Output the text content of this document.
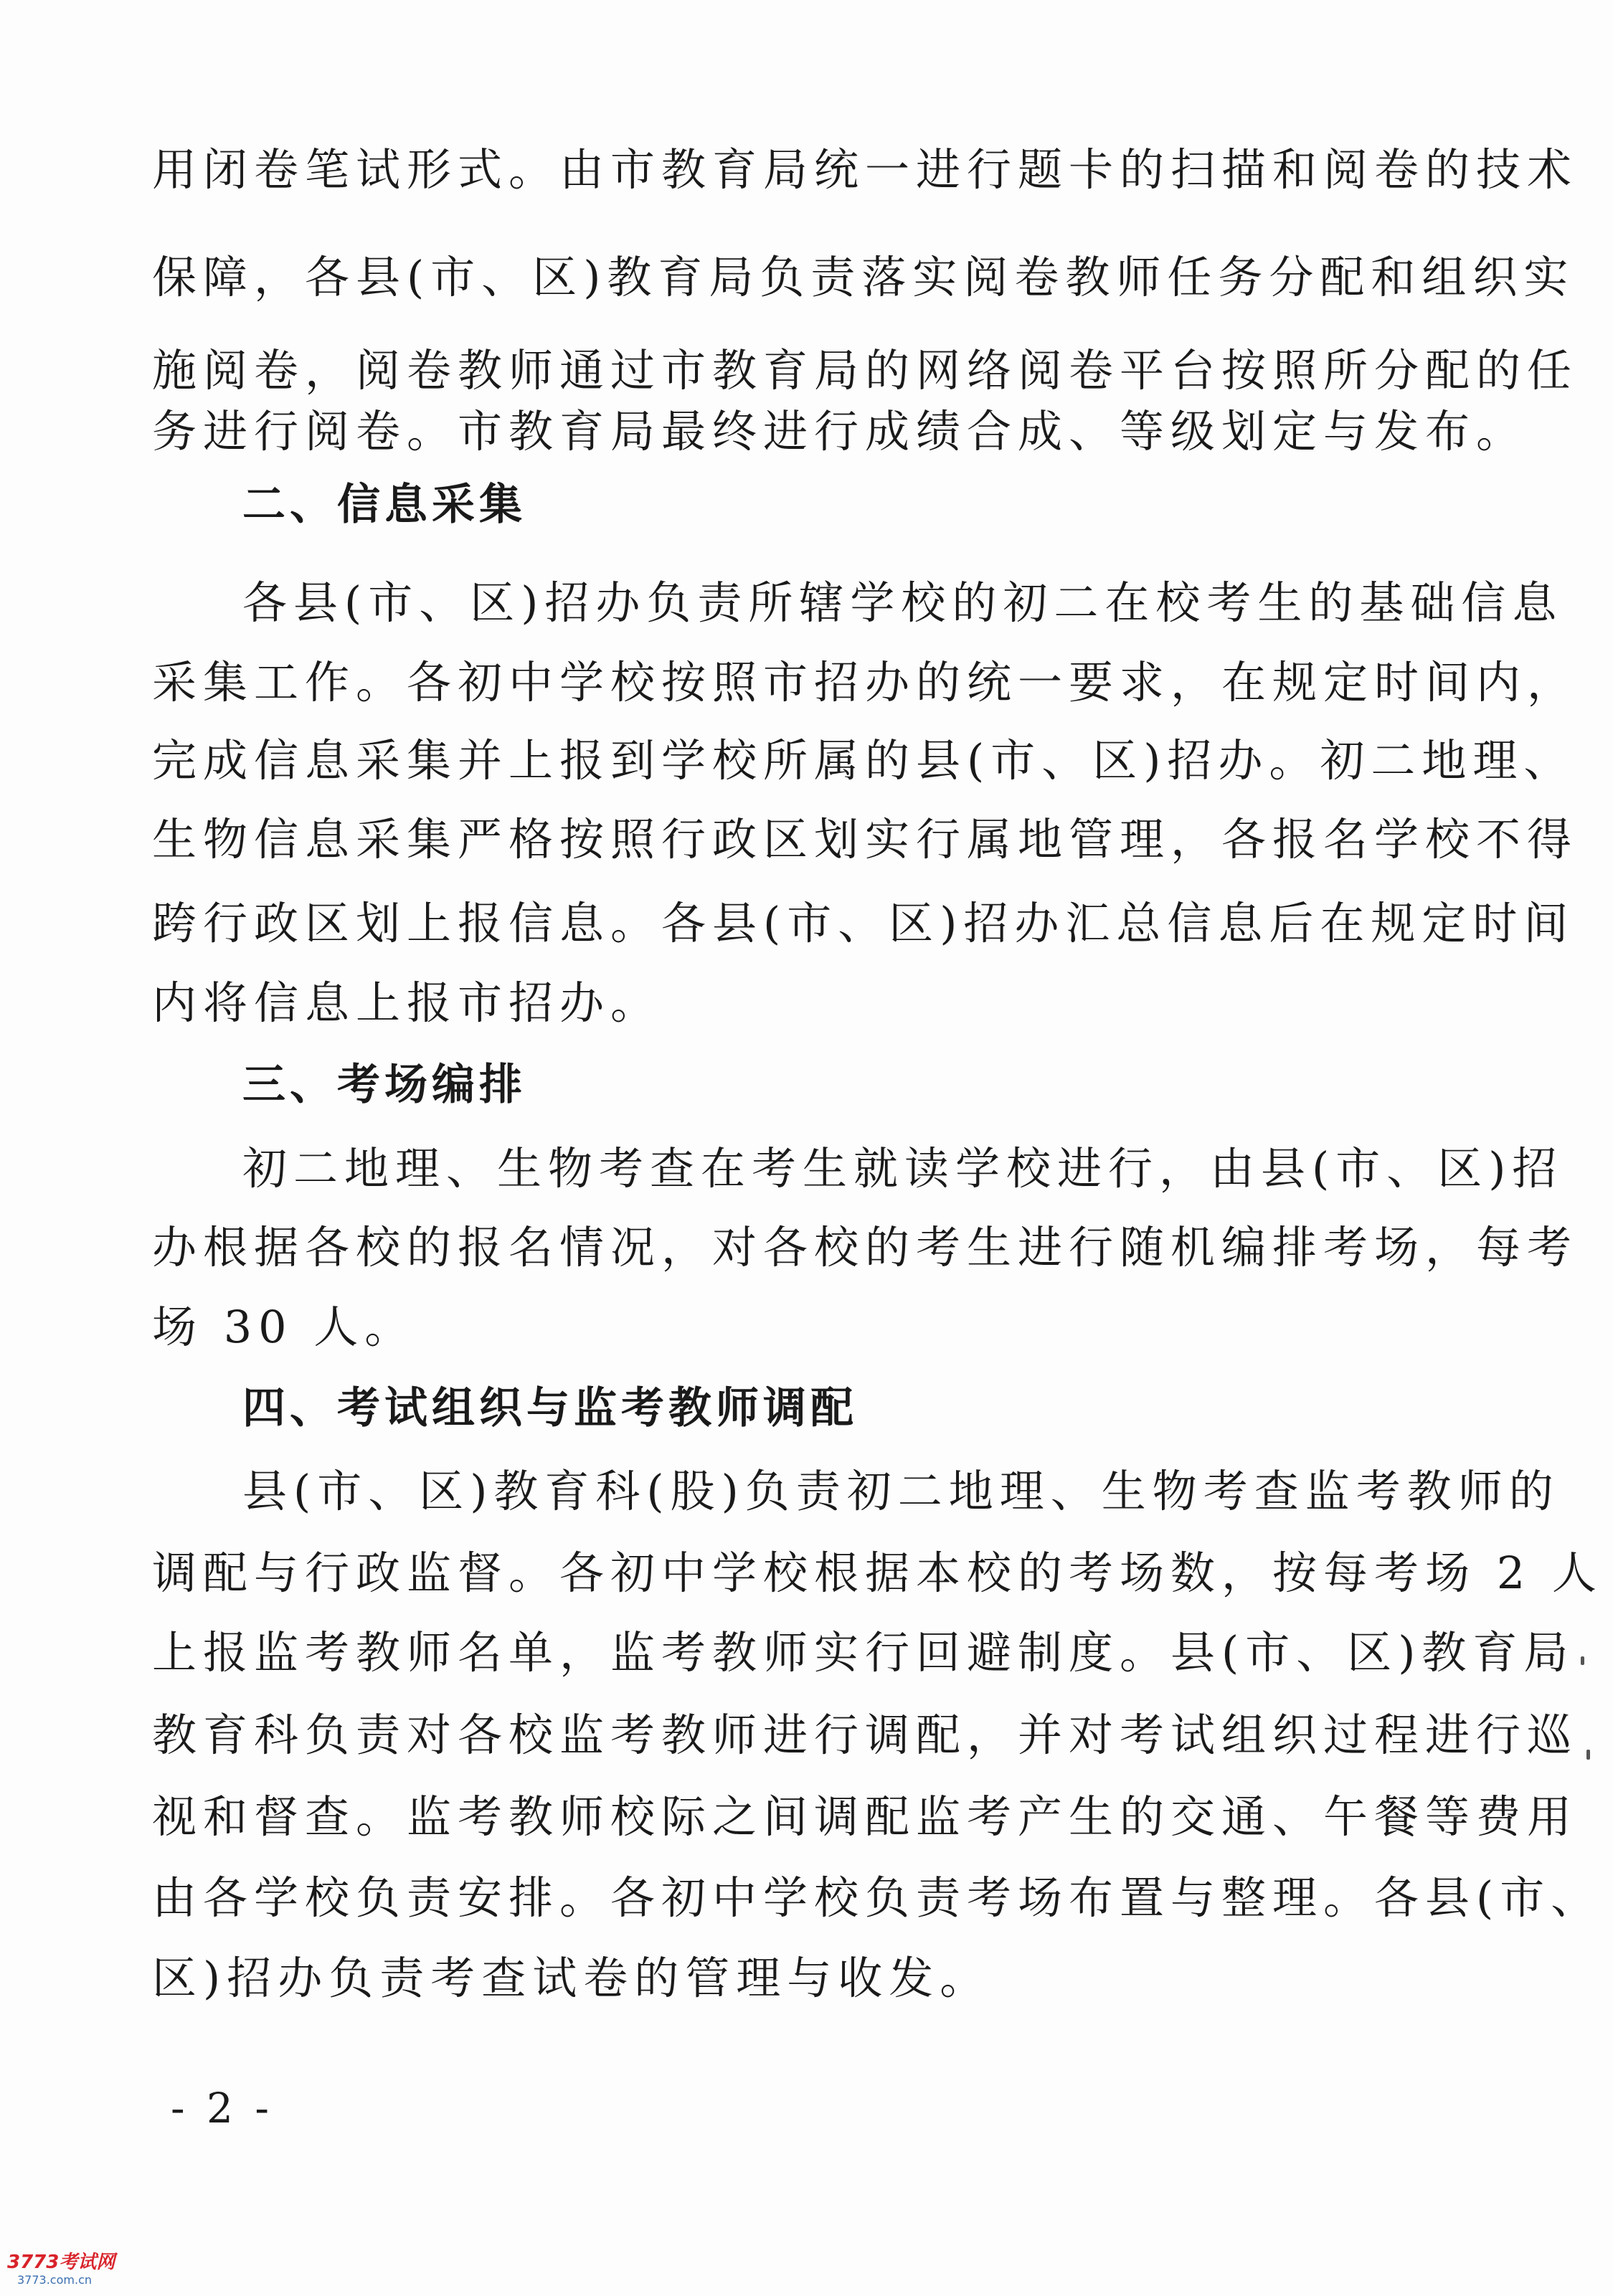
用闭卷笔试形式。由市教育局统一进行题卡的扫描和阅卷的技术
保障，各县(市、区)教育局负责落实阅卷教师任务分配和组织实
施阅卷，阅卷教师通过市教育局的网络阅卷平台按照所分配的任
务进行阅卷。市教育局最终进行成绩合成、等级划定与发布。
二、信息采集
各县(市、区)招办负责所辖学校的初二在校考生的基础信息
采集工作。各初中学校按照市招办的统一要求，在规定时间内，
完成信息采集并上报到学校所属的县(市、区)招办。初二地理、
生物信息采集严格按照行政区划实行属地管理，各报名学校不得
跨行政区划上报信息。各县(市、区)招办汇总信息后在规定时间
内将信息上报市招办。
三、考场编排
初二地理、生物考查在考生就读学校进行，由县(市、区)招
办根据各校的报名情况，对各校的考生进行随机编排考场，每考
场 30 人。
四、考试组织与监考教师调配
县(市、区)教育科(股)负责初二地理、生物考查监考教师的
调配与行政监督。各初中学校根据本校的考场数，按每考场 2 人
上报监考教师名单，监考教师实行回避制度。县(市、区)教育局
教育科负责对各校监考教师进行调配，并对考试组织过程进行巡
视和督查。监考教师校际之间调配监考产生的交通、午餐等费用
由各学校负责安排。各初中学校负责考场布置与整理。各县(市、
区)招办负责考查试卷的管理与收发。
- 2 -
3773考试网
3773.com.cn
